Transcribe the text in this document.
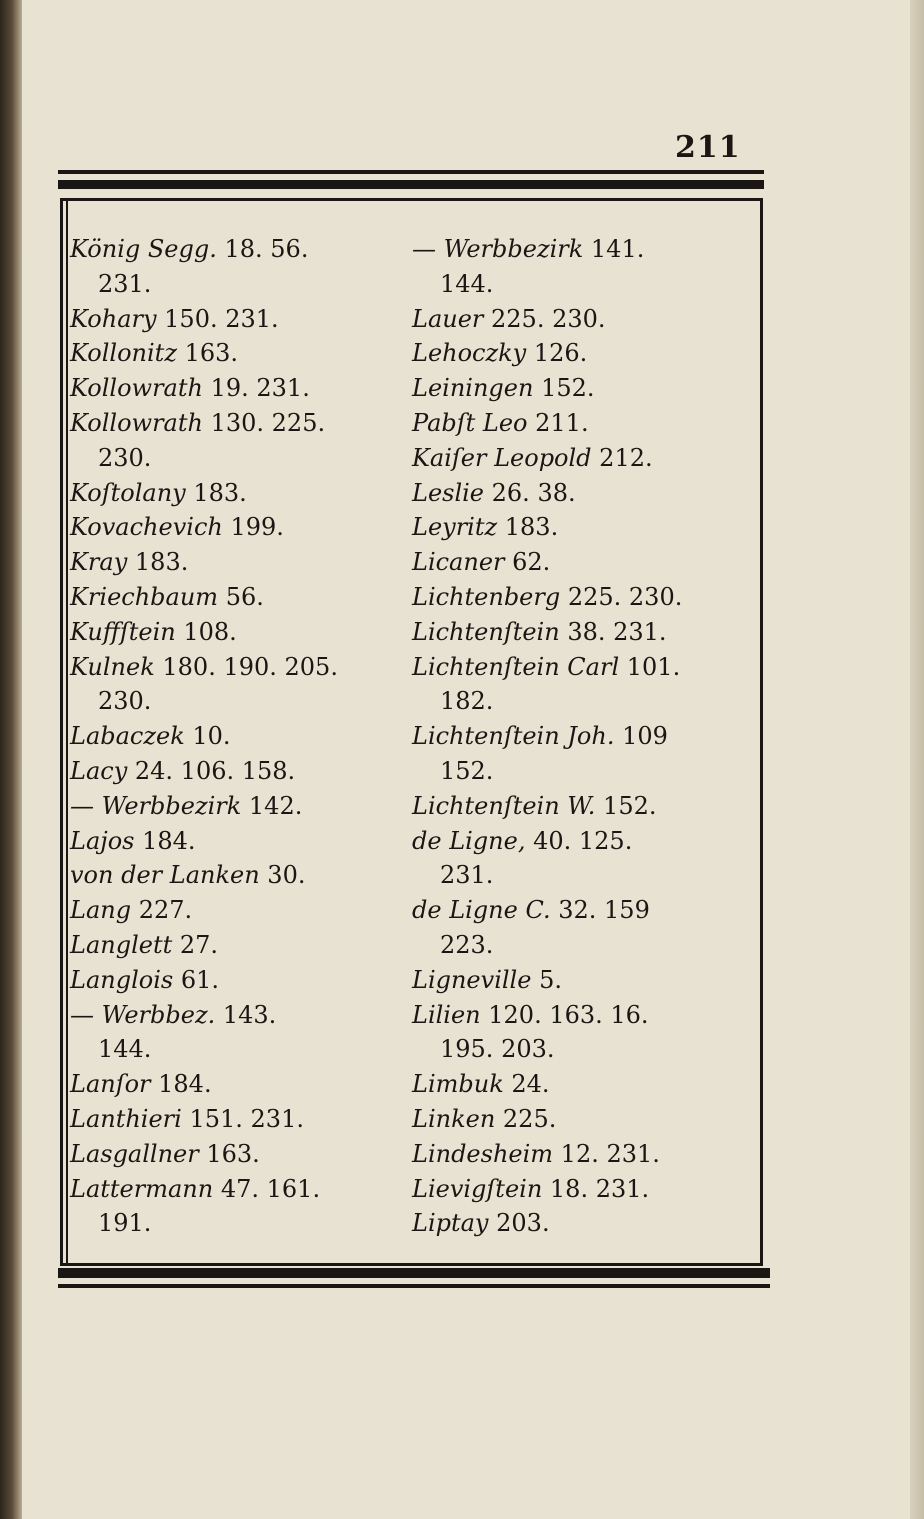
211
König Segg. 18. 56.
231.
Kohary 150. 231.
Kollonitz 163.
Kollowrath 19. 231.
Kollowrath 130. 225.
230.
Koſtolany 183.
Kovachevich 199.
Kray 183.
Kriechbaum 56.
Kuffſtein 108.
Kulnek 180. 190. 205.
230.
Labaczek 10.
Lacy 24. 106. 158.
— Werbbezirk 142.
Lajos 184.
von der Lanken 30.
Lang 227.
Langlett 27.
Langlois 61.
— Werbbez. 143.
144.
Lanſor 184.
Lanthieri 151. 231.
Lasgallner 163.
Lattermann 47. 161.
191.
— Werbbezirk 141.
144.
Lauer 225. 230.
Lehoczky 126.
Leiningen 152.
Pabſt Leo 211.
Kaiſer Leopold 212.
Leslie 26. 38.
Leyritz 183.
Licaner 62.
Lichtenberg 225. 230.
Lichtenſtein 38. 231.
Lichtenſtein Carl 101.
182.
Lichtenſtein Joh. 109
152.
Lichtenſtein W. 152.
de Ligne, 40. 125.
231.
de Ligne C. 32. 159
223.
Ligneville 5.
Lilien 120. 163. 16.
195. 203.
Limbuk 24.
Linken 225.
Lindesheim 12. 231.
Lievigſtein 18. 231.
Liptay 203.
